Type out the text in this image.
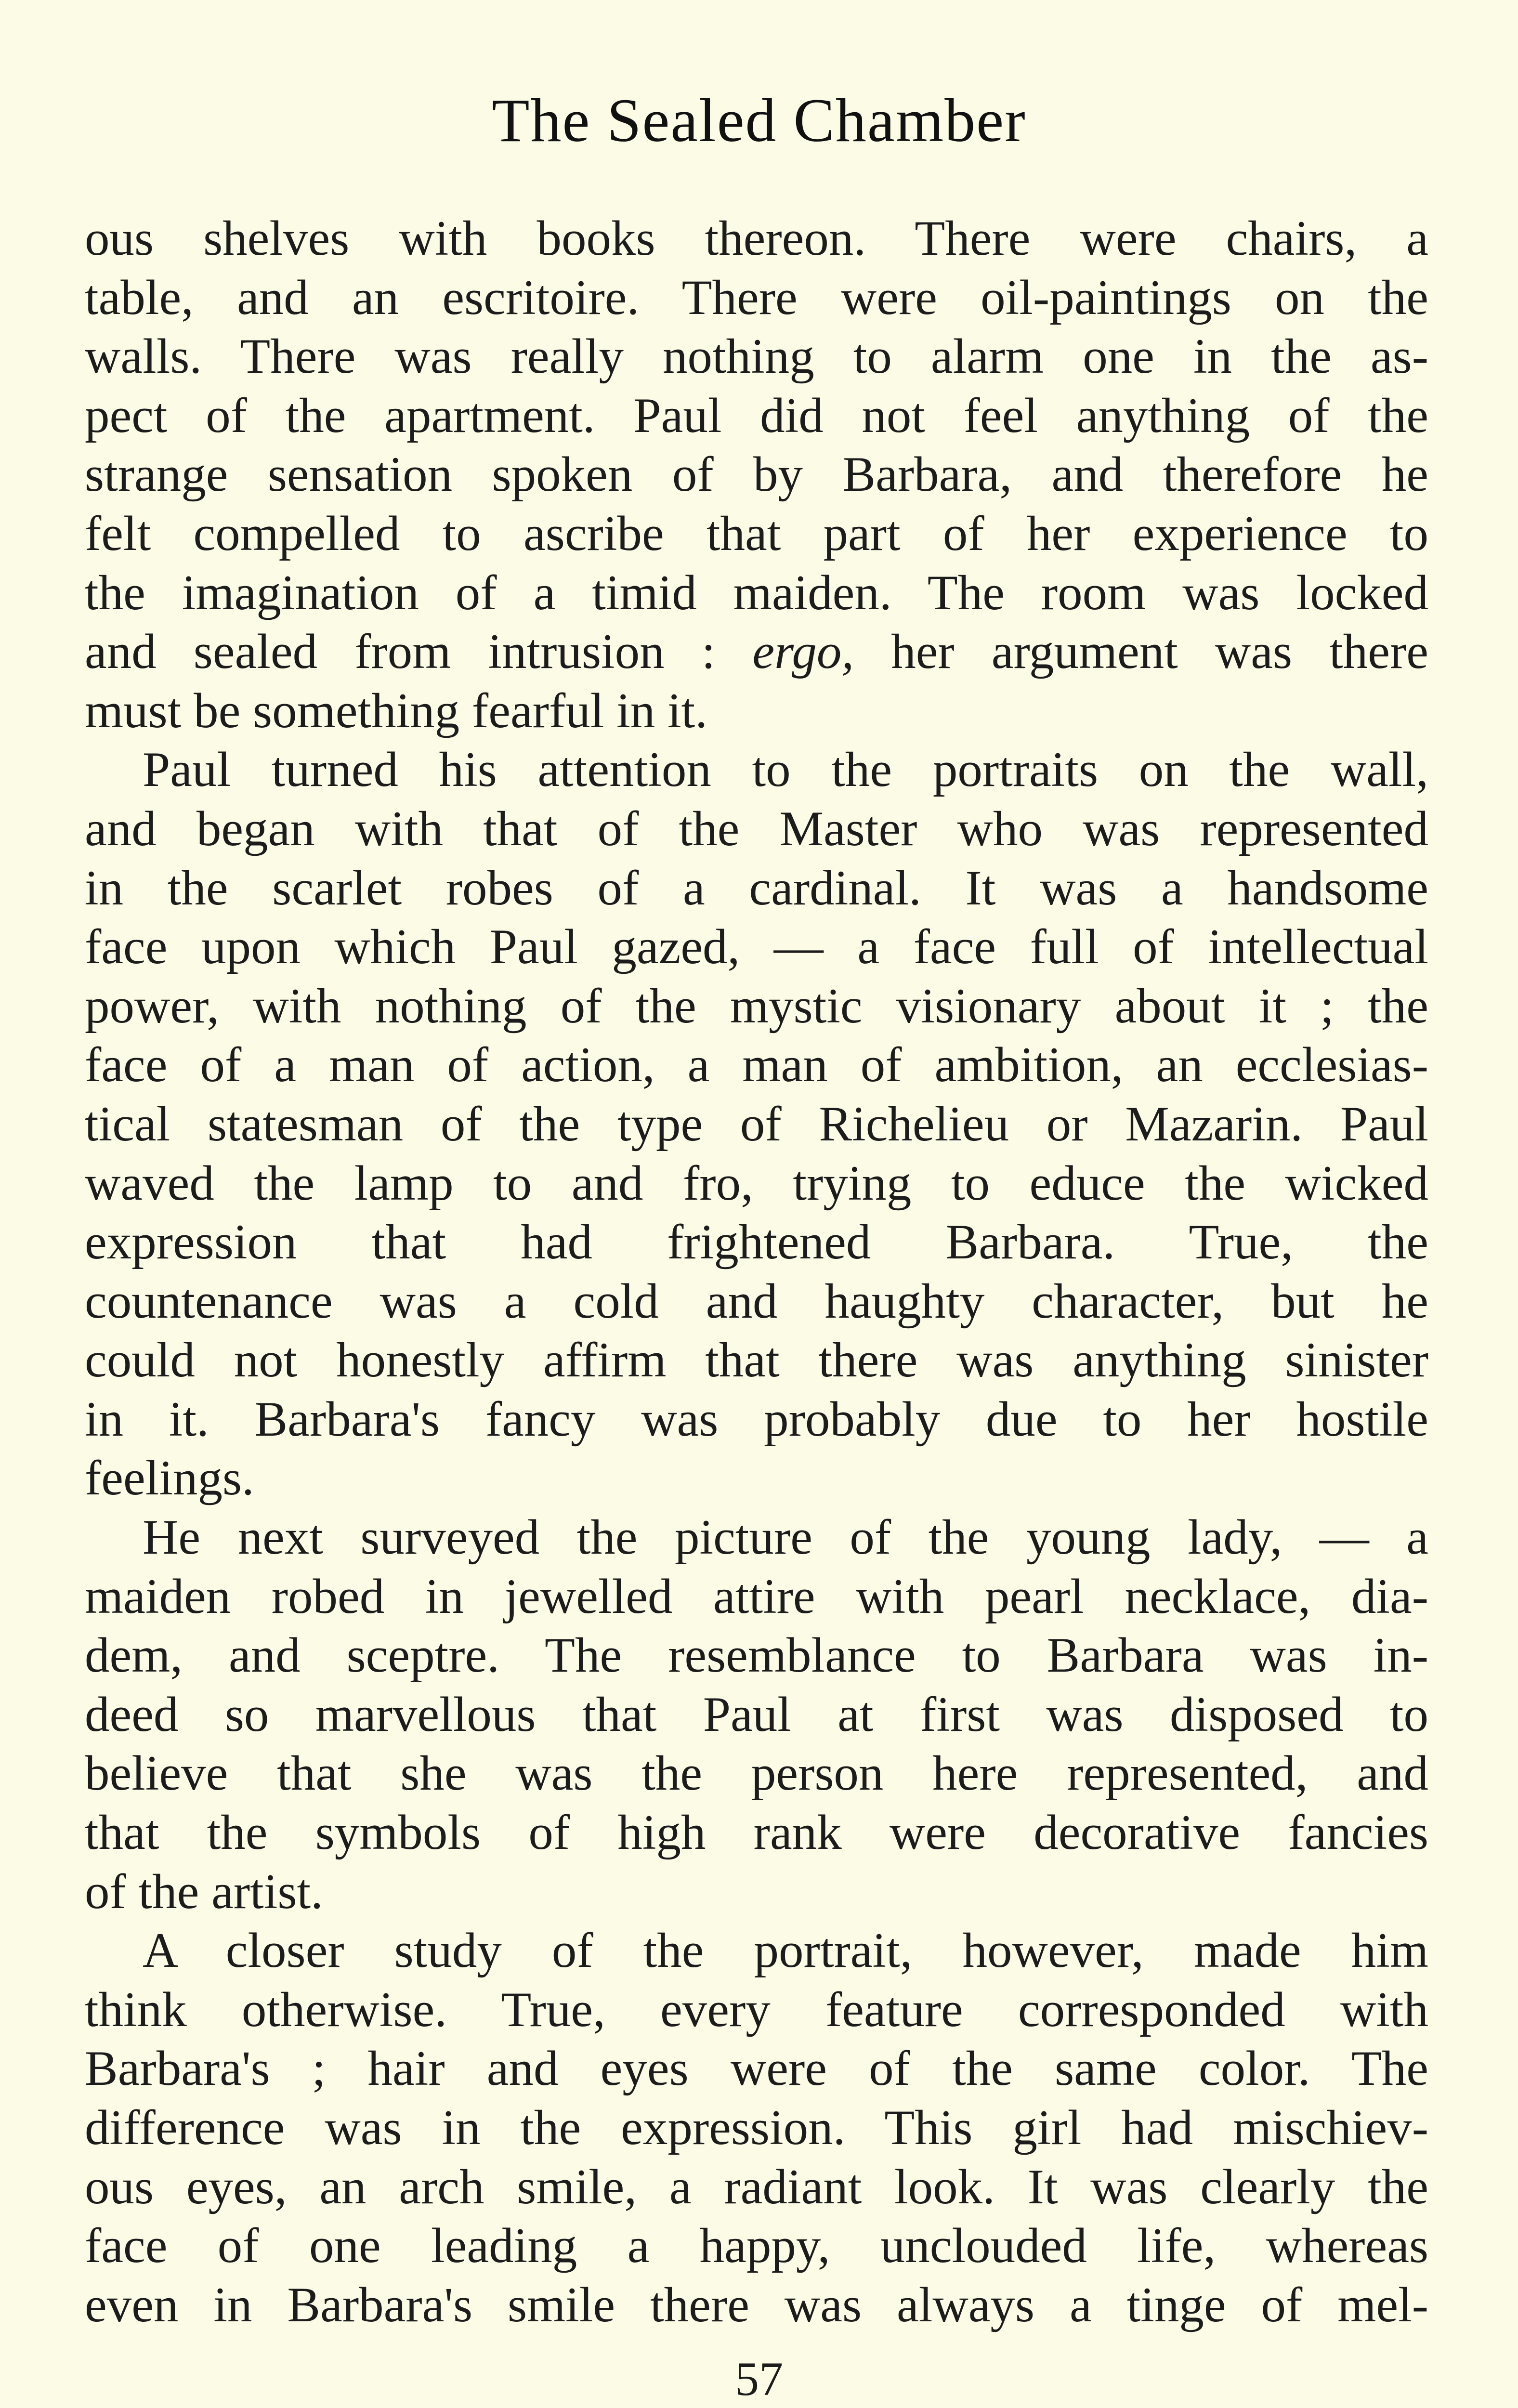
The Sealed Chamber
ous shelves with books thereon. There were chairs, a
table, and an escritoire. There were oil-paintings on the
walls. There was really nothing to alarm one in the as-
pect of the apartment. Paul did not feel anything of the
strange sensation spoken of by Barbara, and therefore he
felt compelled to ascribe that part of her experience to
the imagination of a timid maiden. The room was locked
and sealed from intrusion : ergo, her argument was there
must be something fearful in it.
Paul turned his attention to the portraits on the wall,
and began with that of the Master who was represented
in the scarlet robes of a cardinal. It was a handsome
face upon which Paul gazed, — a face full of intellectual
power, with nothing of the mystic visionary about it ; the
face of a man of action, a man of ambition, an ecclesias-
tical statesman of the type of Richelieu or Mazarin. Paul
waved the lamp to and fro, trying to educe the wicked
expression that had frightened Barbara. True, the
countenance was a cold and haughty character, but he
could not honestly affirm that there was anything sinister
in it. Barbara's fancy was probably due to her hostile
feelings.
He next surveyed the picture of the young lady, — a
maiden robed in jewelled attire with pearl necklace, dia-
dem, and sceptre. The resemblance to Barbara was in-
deed so marvellous that Paul at first was disposed to
believe that she was the person here represented, and
that the symbols of high rank were decorative fancies
of the artist.
A closer study of the portrait, however, made him
think otherwise. True, every feature corresponded with
Barbara's ; hair and eyes were of the same color. The
difference was in the expression. This girl had mischiev-
ous eyes, an arch smile, a radiant look. It was clearly the
face of one leading a happy, unclouded life, whereas
even in Barbara's smile there was always a tinge of mel-
57
